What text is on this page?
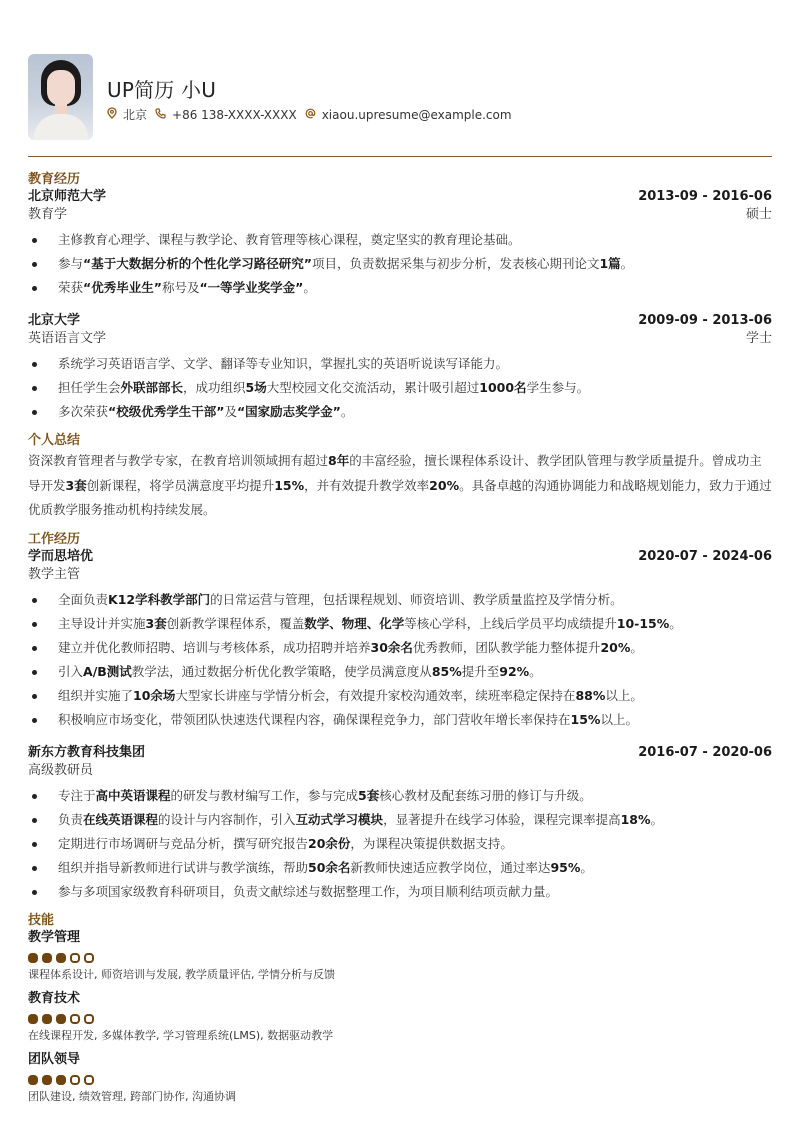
UP简历 小U
北京 +86 138-XXXX-XXXX xiaou.upresume@example.com
教育经历
北京师范大学	2013-09 - 2016-06
教育学	硕士
主修教育心理学、课程与教学论、教育管理等核心课程，奠定坚实的教育理论基础。
参与“基于大数据分析的个性化学习路径研究”项目，负责数据采集与初步分析，发表核心期刊论文1篇。
荣获“优秀毕业生”称号及“一等学业奖学金”。
北京大学	2009-09 - 2013-06
英语语言文学	学士
系统学习英语语言学、文学、翻译等专业知识，掌握扎实的英语听说读写译能力。
担任学生会外联部部长，成功组织5场大型校园文化交流活动，累计吸引超过1000名学生参与。
多次荣获“校级优秀学生干部”及“国家励志奖学金”。
个人总结
资深教育管理者与教学专家，在教育培训领域拥有超过8年的丰富经验，擅长课程体系设计、教学团队管理与教学质量提升。曾成功主导开发3套创新课程，将学员满意度平均提升15%，并有效提升教学效率20%。具备卓越的沟通协调能力和战略规划能力，致力于通过优质教学服务推动机构持续发展。
工作经历
学而思培优	2020-07 - 2024-06
教学主管
全面负责K12学科教学部门的日常运营与管理，包括课程规划、师资培训、教学质量监控及学情分析。
主导设计并实施3套创新教学课程体系，覆盖数学、物理、化学等核心学科，上线后学员平均成绩提升10-15%。
建立并优化教师招聘、培训与考核体系，成功招聘并培养30余名优秀教师，团队教学能力整体提升20%。
引入A/B测试教学法，通过数据分析优化教学策略，使学员满意度从85%提升至92%。
组织并实施了10余场大型家长讲座与学情分析会，有效提升家校沟通效率，续班率稳定保持在88%以上。
积极响应市场变化，带领团队快速迭代课程内容，确保课程竞争力，部门营收年增长率保持在15%以上。
新东方教育科技集团	2016-07 - 2020-06
高级教研员
专注于高中英语课程的研发与教材编写工作，参与完成5套核心教材及配套练习册的修订与升级。
负责在线英语课程的设计与内容制作，引入互动式学习模块，显著提升在线学习体验，课程完课率提高18%。
定期进行市场调研与竞品分析，撰写研究报告20余份，为课程决策提供数据支持。
组织并指导新教师进行试讲与教学演练，帮助50余名新教师快速适应教学岗位，通过率达95%。
参与多项国家级教育科研项目，负责文献综述与数据整理工作，为项目顺利结项贡献力量。
技能
教学管理
课程体系设计, 师资培训与发展, 教学质量评估, 学情分析与反馈
教育技术
在线课程开发, 多媒体教学, 学习管理系统(LMS), 数据驱动教学
团队领导
团队建设, 绩效管理, 跨部门协作, 沟通协调
